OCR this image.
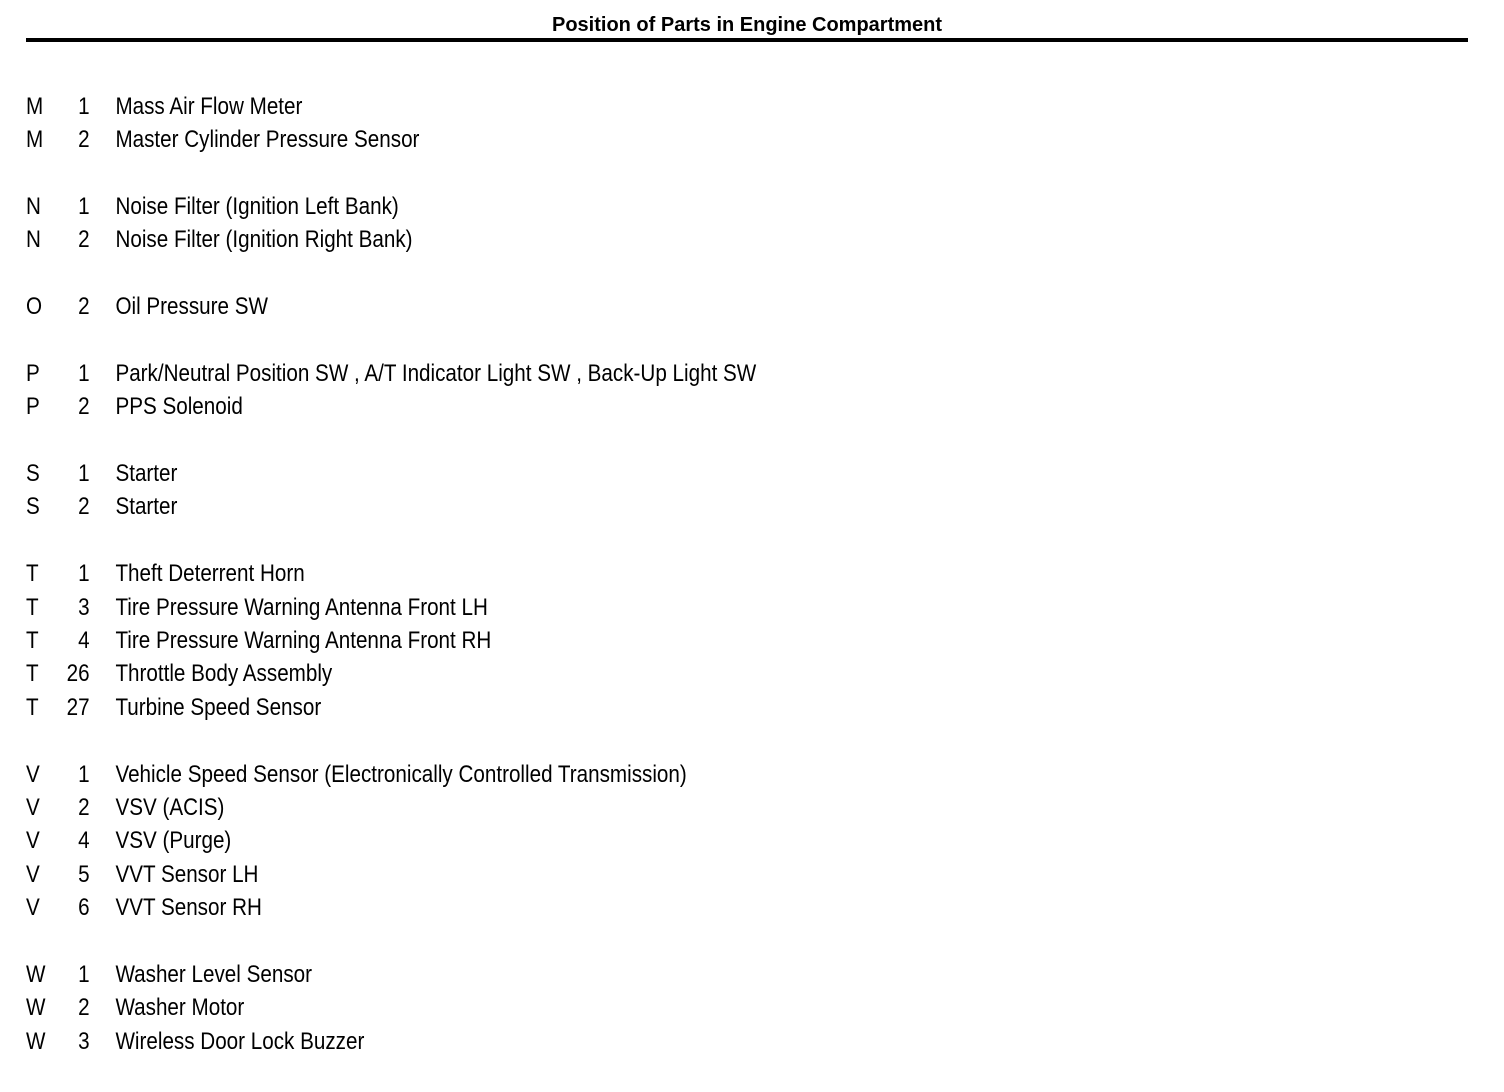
Position of Parts in Engine Compartment
M	1 Mass Air Flow Meter
M	2 Master Cylinder Pressure Sensor
N	1 Noise Filter (Ignition Left Bank)
N	2 Noise Filter (Ignition Right Bank)
O	2 Oil Pressure SW
P	1 Park/Neutral Position SW , A/T Indicator Light SW , Back-Up Light SW
P	2 PPS Solenoid
S	1 Starter
S	2 Starter
T	1 Theft Deterrent Horn
T	3 Tire Pressure Warning Antenna Front LH
T	4 Tire Pressure Warning Antenna Front RH
T	26 Throttle Body Assembly
T	27 Turbine Speed Sensor
V	1 Vehicle Speed Sensor (Electronically Controlled Transmission)
V	2 VSV (ACIS)
V	4 VSV (Purge)
V	5 VVT Sensor LH
V	6 VVT Sensor RH
W	1 Washer Level Sensor
W	2 Washer Motor
W	3 Wireless Door Lock Buzzer
